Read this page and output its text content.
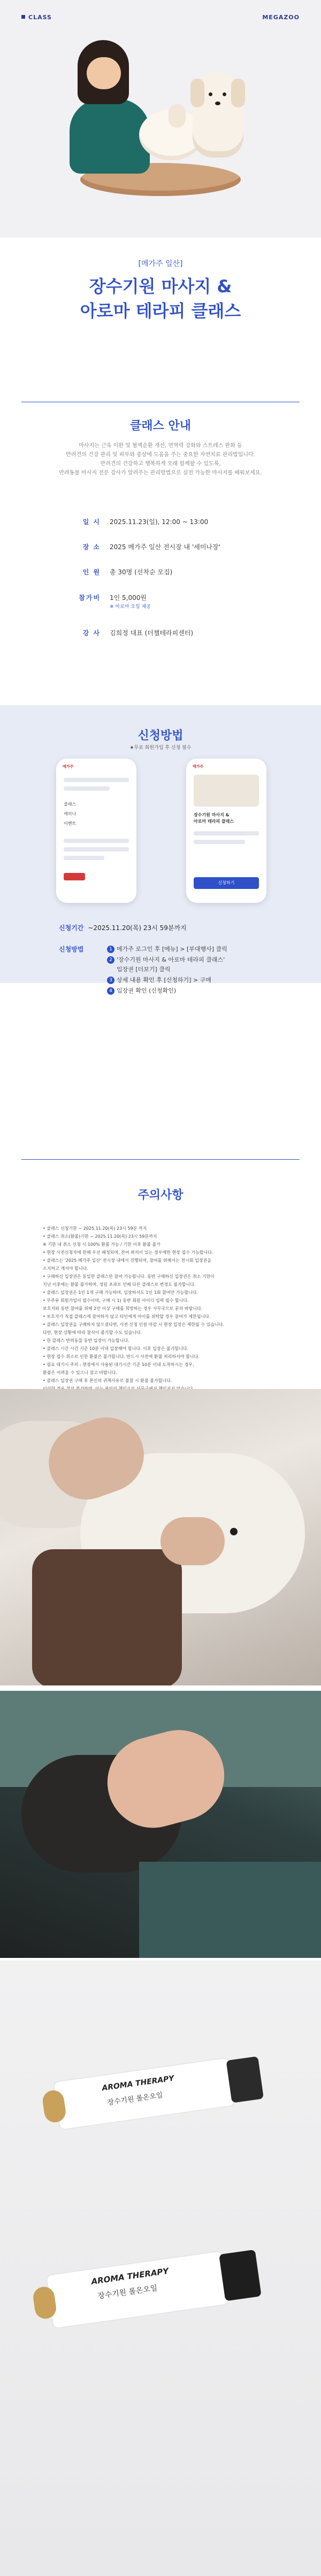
CLASS	MEGAZOO
[메가주 일산]
장수기원 마사지 &
아로마 테라피 클래스
클래스 안내
마사지는 근육 이완 및 혈액순환 개선, 면역력 강화와 스트레스 완화 등
반려견의 건강 관리 및 피부와 증상에 도움을 주는 중요한 자연치료 관리법입니다.
반려견의 건강하고 행복하게 오래 함께할 수 있도록,
반려동물 마사지 전문 강사가 알려주는 관리방법으로 실전 가능한 마사지를 배워보세요.
일 시 2025.11.23(일), 12:00 ~ 13:00
장 소 2025 메가주 일산 전시장 내 '세미나장'
인 원 총 30명 (선착순 모집)
참가비 1인 5,000원
※ 아로마 오일 제공
강 사 김희정 대표 (더챌테라피센터)
신청방법
★무료 회원가입 후 신청 필수
메가주
클래스
세미나
이벤트
메가주
장수기원 마사지 &
아로마 테라피 클래스
신청하기
신청기간 ~2025.11.20(목) 23시 59분까지
신청방법	1 메가주 로그인 후 [메뉴] > [부대행사] 클릭
2 '장수기원 마사지 & 아로마 테라피 클래스'
입장권 [더보기] 클릭
3 상세 내용 확인 후 [신청하기] > 구매
4 입장권 확인 (신청확인)
주의사항
• 클래스 신청기한 ~ 2025.11.20(목) 23시 59분 까지
• 클래스 취소(환불)기한 ~ 2025.11.20(목) 23시 59분까지
※ 기한 내 취소 신청 시 100% 환불 가능 / 기한 이후 환불 불가
• 현장 사전신청자에 한해 우선 배정되며, 잔여 좌석이 있는 경우에만 현장 접수 가능합니다.
• 클래스는 '2025 메가주 일산' 전시장 내에서 진행되며, 참여를 위해서는 전시회 입장권을
소지하고 계셔야 합니다.
• 구매하신 입장권은 동일한 클래스만 참여 가능합니다. 동반 구매하신 입장권은 취소 기한이
지난 이후에는 환불 불가하며, 정원 초과로 인해 다른 클래스로 변경도 불가합니다.
• 클래스 입장권은 1인 1개 구매 가능하며, 입장하셔도 1인 1회 참여만 가능합니다.
• 무주뮤 회원가입이 필수이며, 구매 시 1) 동반 회원 아이디 입력 필수 합니다.
보호자와 동반 참여를 위해 2인 이상 구매를 희망하는 경우 사무국으로 문의 바랍니다.
• 보호자가 직접 클래스에 참여하지 않고 타인에게 아이를 위탁할 경우 참여가 제한됩니다.
• 클래스 입장권을 구매하지 않으셨다면, 사전 신청 인원 마감 시 현장 입장은 제한될 수 있습니다.
다만, 현장 상황에 따라 참석이 불가할 수도 있습니다.
• 한 클래스 반려동물 동반 입장이 가능합니다.
• 클래스 시간 시간 기준 10분 이내 입장해야 합니다. 이후 입장은 불가합니다.
• 현장 접수 취소로 인한 환불은 불가합니다. 반드시 사전에 환불 처리하셔야 합니다.
• 필요 대기시 주의 : 현장에서 사용된 대기시간 기준 10분 이내 도착하시는 경우,
환불은 어려울 수 있으니 참고 바랍니다.
• 클래스 입장권 구매 후 본인의 귀책사유로 불참 시 환불 불가합니다.
AROMA THERAPY
장수기원 롤온오일
AROMA THERAPY
장수기원 롤온오일
